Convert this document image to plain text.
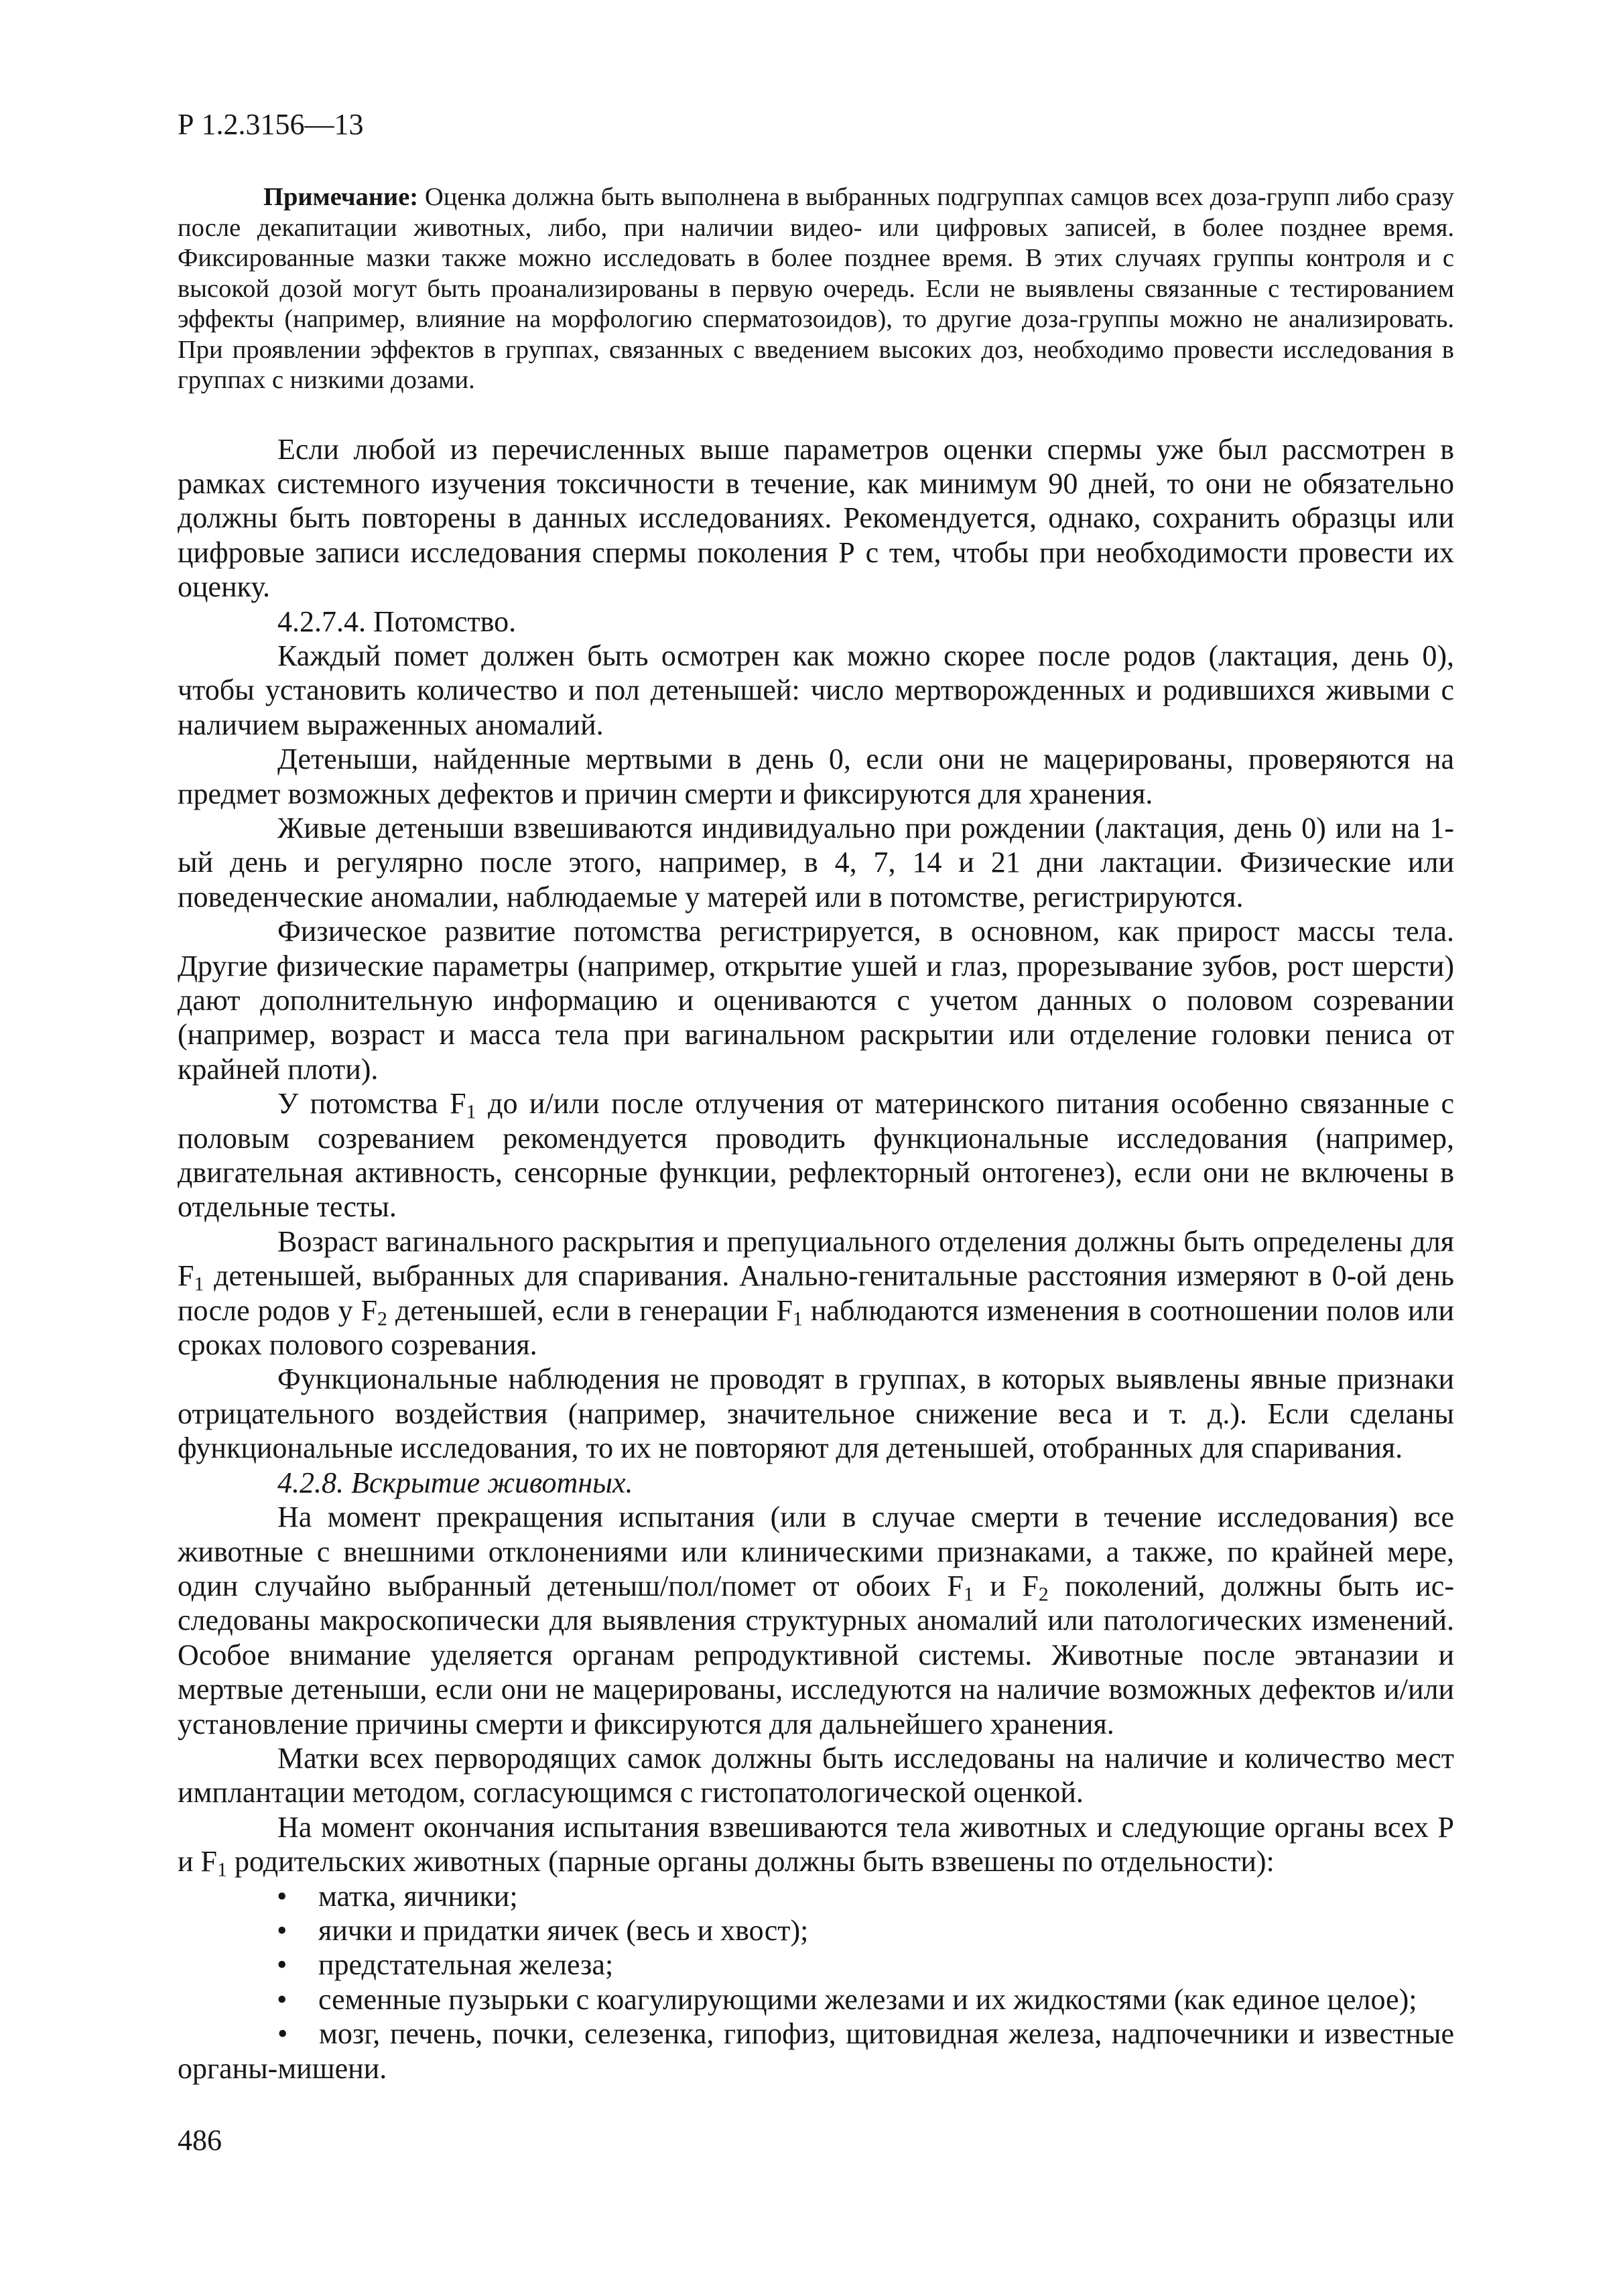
Р 1.2.3156—13
Примечание: Оценка должна быть выполнена в выбранных подгруппах самцов всех доза-групп либо сразу после декапитации животных, либо, при наличии видео- или цифровых записей, в более позднее время. Фиксированные мазки также можно исследовать в более позднее время. В этих случаях группы контроля и с высокой дозой могут быть проанализированы в первую очередь. Если не выявлены связанные с тестированием эффекты (например, влияние на морфологию сперматозоидов), то другие доза-группы можно не анализировать. При проявлении эффектов в группах, связанных с введением высоких доз, необходимо провести исследования в группах с низкими дозами.

Если любой из перечисленных выше параметров оценки спермы уже был рассмотрен в рамках системного изучения токсичности в течение, как минимум 90 дней, то они не обязательно должны быть повторены в данных исследованиях. Рекомендуется, однако, сохранить образцы или цифровые записи исследования спермы поколения Р с тем, чтобы при необходимости провести их оценку.

4.2.7.4. Потомство.

Каждый помет должен быть осмотрен как можно скорее после родов (лактация, день 0), чтобы установить количество и пол детенышей: число мертворожденных и родившихся живыми с наличием выраженных аномалий.

Детеныши, найденные мертвыми в день 0, если они не мацерированы, проверяются на предмет возможных дефектов и причин смерти и фиксируются для хранения.

Живые детеныши взвешиваются индивидуально при рождении (лактация, день 0) или на 1-ый день и регулярно после этого, например, в 4, 7, 14 и 21 дни лактации. Физические или поведенческие аномалии, наблюдаемые у матерей или в потомстве, регистрируются.

Физическое развитие потомства регистрируется, в основном, как прирост массы тела. Другие физические параметры (например, открытие ушей и глаз, прорезывание зубов, рост шерсти) дают дополнительную информацию и оцениваются с учетом данных о половом созревании (например, возраст и масса тела при вагинальном раскрытии или отделение головки пениса от крайней плоти).

У потомства $F_1$ до и/или после отлучения от материнского питания особенно связанные с половым созреванием рекомендуется проводить функциональные исследования (например, двигательная активность, сенсорные функции, рефлекторный онтогенез), если они не включены в отдельные тесты.

Возраст вагинального раскрытия и препуциального отделения должны быть определены для $F_1$ детенышей, выбранных для спаривания. Анально-генитальные расстояния измеряют в 0-ой день после родов у $F_2$ детенышей, если в генерации $F_1$ наблюдаются изменения в соотношении полов или сроках полового созревания.

Функциональные наблюдения не проводят в группах, в которых выявлены явные признаки отрицательного воздействия (например, значительное снижение веса и т. д.). Если сделаны функциональные исследования, то их не повторяют для детенышей, отобранных для спаривания.

4.2.8. Вскрытие животных.

На момент прекращения испытания (или в случае смерти в течение исследования) все животные с внешними отклонениями или клиническими признаками, а также, по крайней мере, один случайно выбранный детеныш/пол/помет от обоих $F_1$ и $F_2$ поколений, должны быть исследованы макроскопически для выявления структурных аномалий или патологических изменений. Особое внимание уделяется органам репродуктивной системы. Животные после эвтаназии и мертвые детеныши, если они не мацерированы, исследуются на наличие возможных дефектов и/или установление причины смерти и фиксируются для дальнейшего хранения.

Матки всех первородящих самок должны быть исследованы на наличие и количество мест имплантации методом, согласующимся с гистопатологической оценкой.

На момент окончания испытания взвешиваются тела животных и следующие органы всех Р и $F_1$ родительских животных (парные органы должны быть взвешены по отдельности):

• матка, яичники;
• яички и придатки яичек (весь и хвост);
• предстательная железа;
• семенные пузырьки с коагулирующими железами и их жидкостями (как единое целое);
• мозг, печень, почки, селезенка, гипофиз, щитовидная железа, надпочечники и известные органы-мишени.
486
